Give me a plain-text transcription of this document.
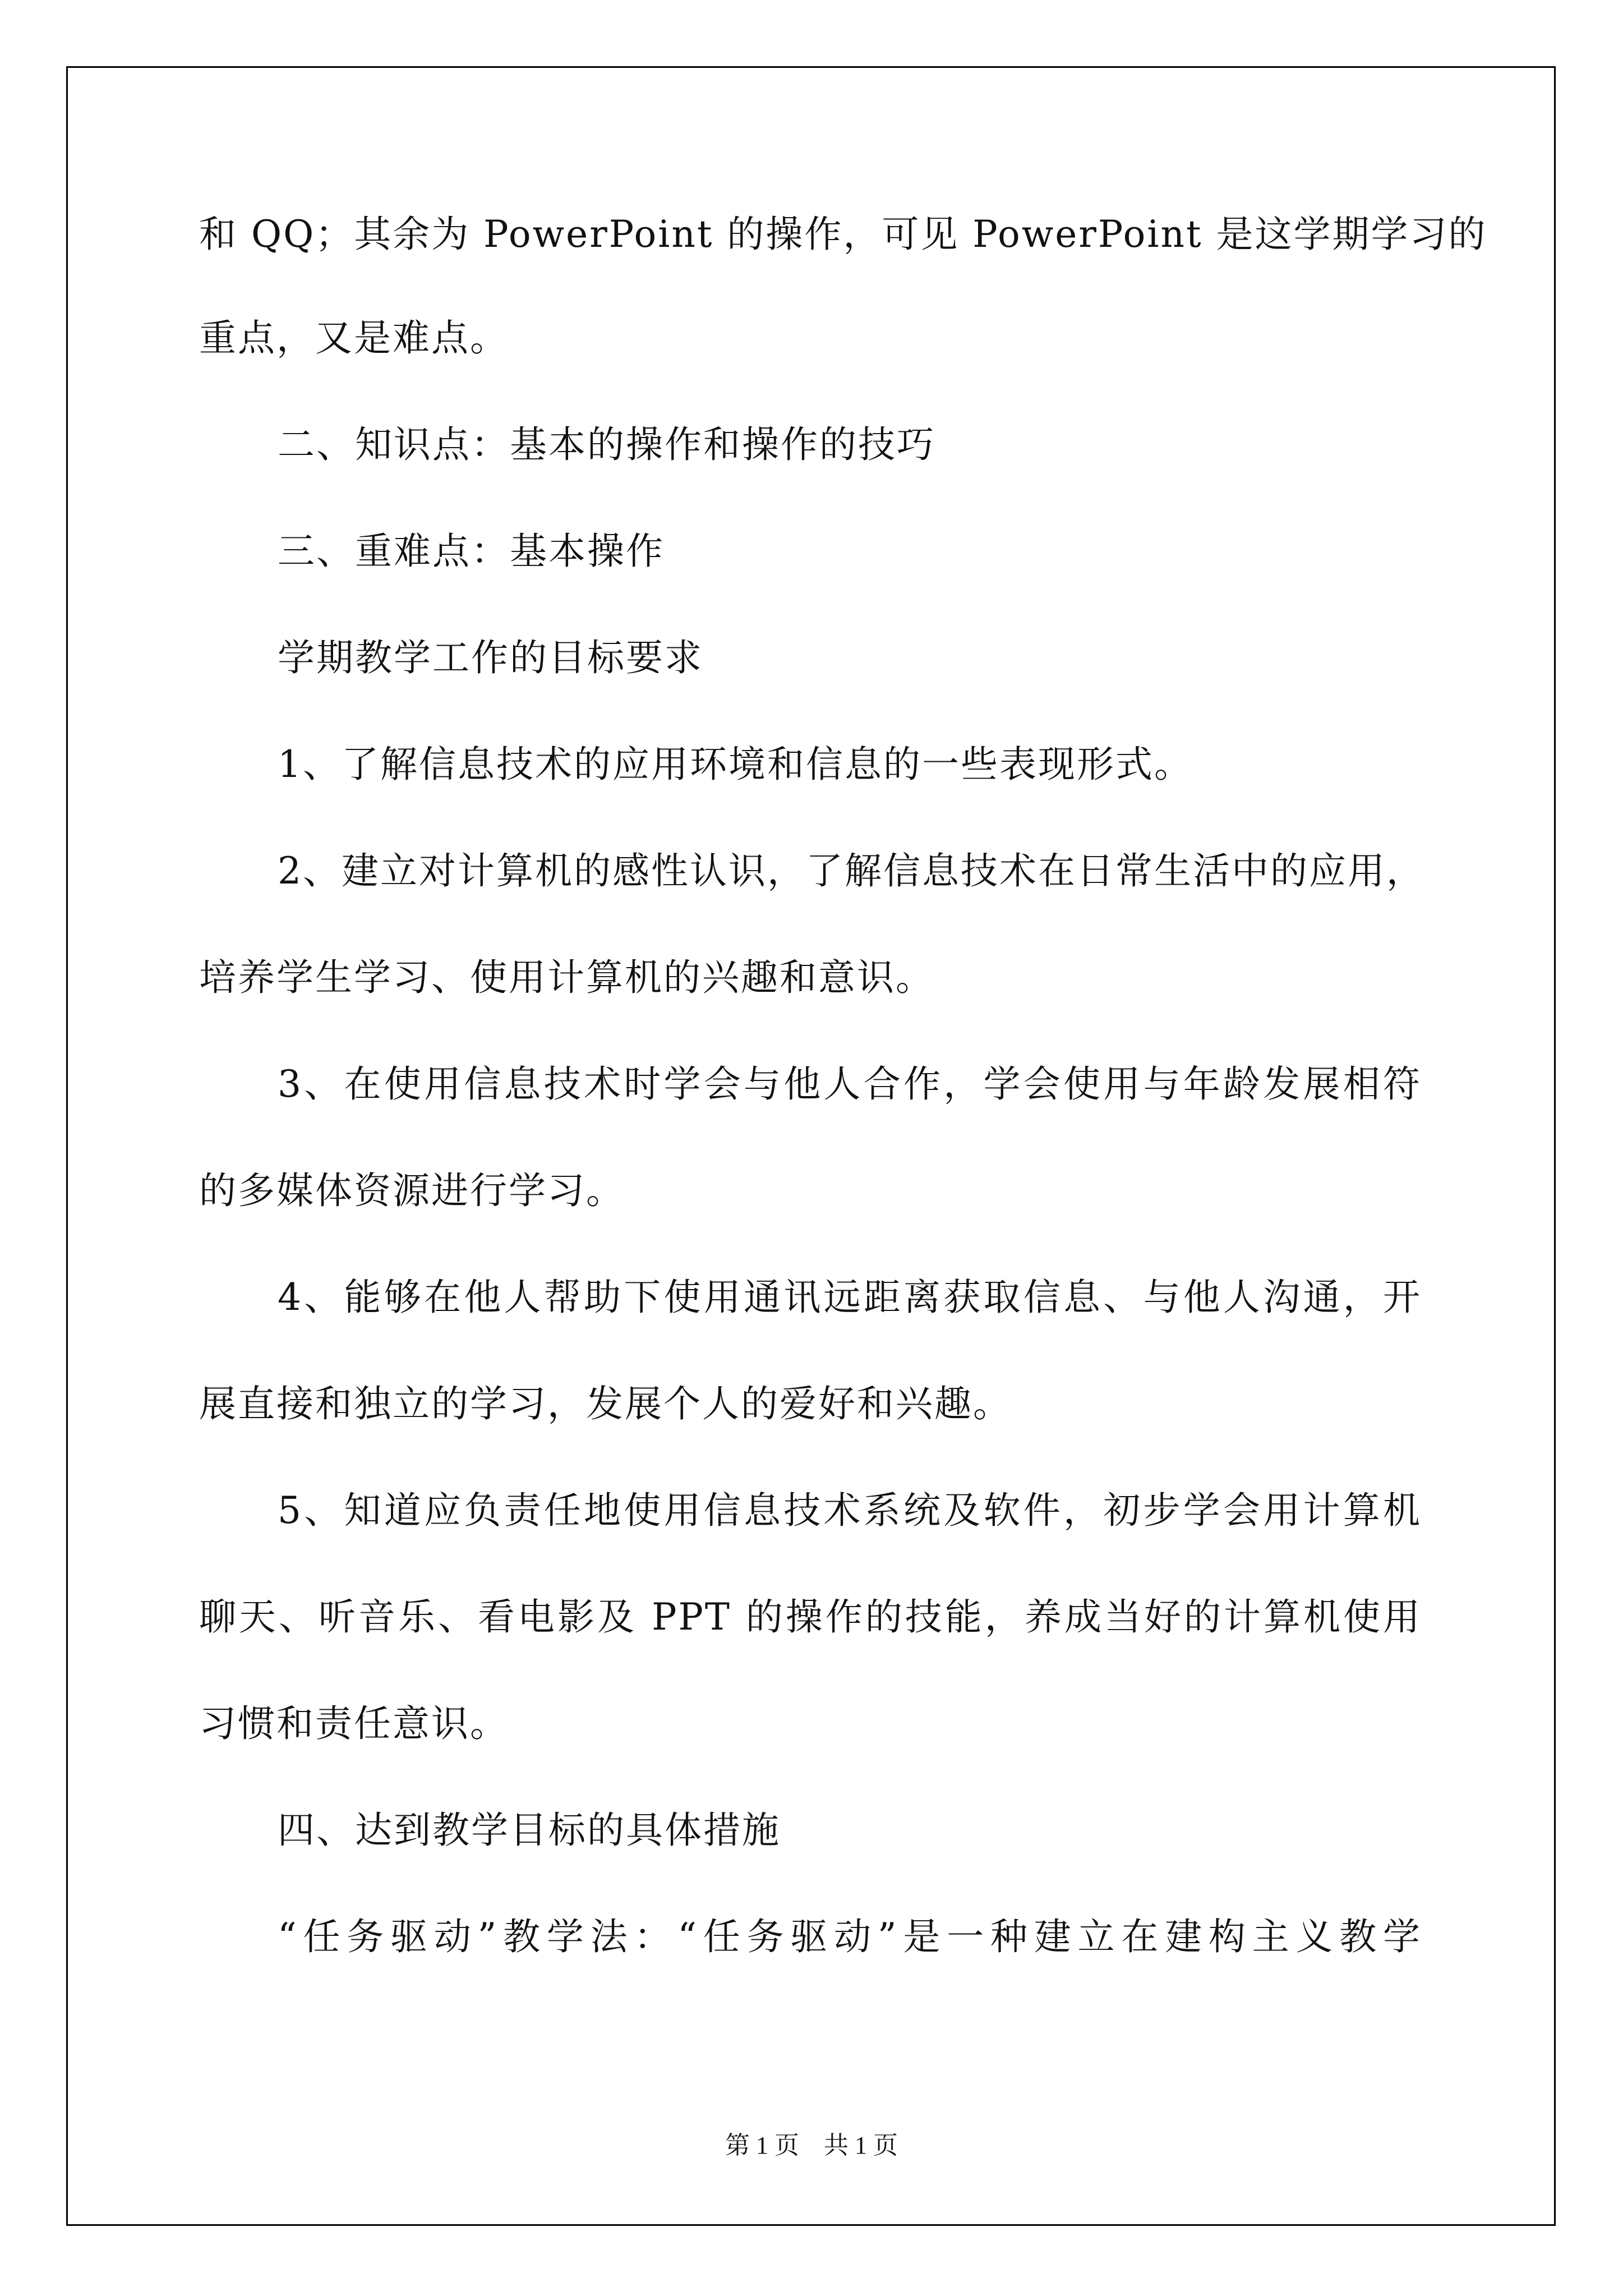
和 QQ；其余为 PowerPoint 的操作，可见 PowerPoint 是这学期学习的
重点，又是难点。
二、知识点：基本的操作和操作的技巧
三、重难点：基本操作
学期教学工作的目标要求
1、了解信息技术的应用环境和信息的一些表现形式。
2、建立对计算机的感性认识，了解信息技术在日常生活中的应用，
培养学生学习、使用计算机的兴趣和意识。
3、在使用信息技术时学会与他人合作，学会使用与年龄发展相符
的多媒体资源进行学习。
4、能够在他人帮助下使用通讯远距离获取信息、与他人沟通，开
展直接和独立的学习，发展个人的爱好和兴趣。
5、知道应负责任地使用信息技术系统及软件，初步学会用计算机
聊天、听音乐、看电影及 PPT 的操作的技能，养成当好的计算机使用
习惯和责任意识。
四、达到教学目标的具体措施
“任务驱动”教学法：“任务驱动”是一种建立在建构主义教学
第 1 页　共 1 页
